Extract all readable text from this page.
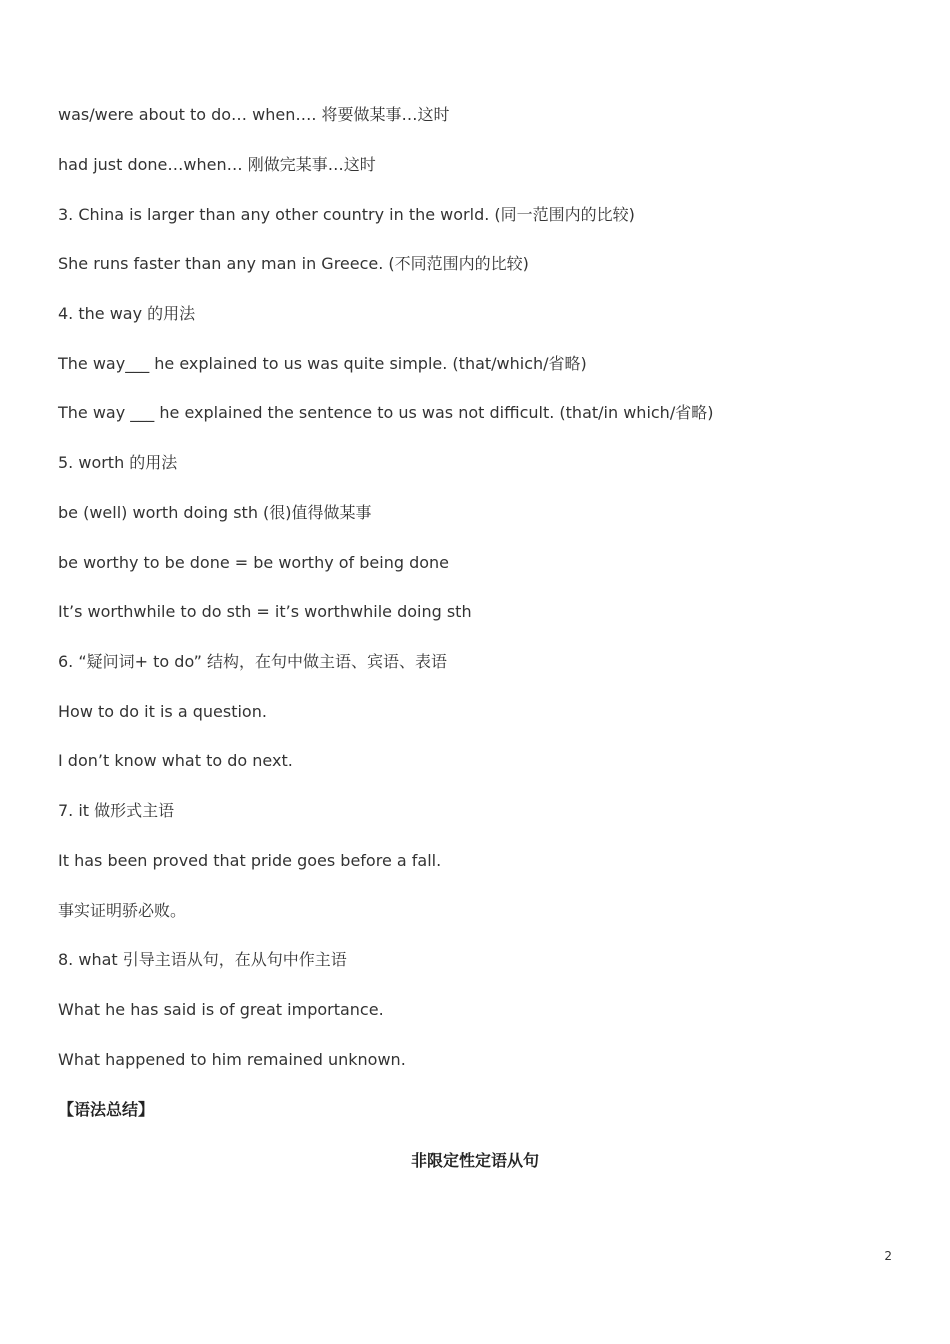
was/were about to do… when…. 将要做某事…这时
had just done…when… 刚做完某事…这时
3. China is larger than any other country in the world. (同一范围内的比较)
She runs faster than any man in Greece. (不同范围内的比较)
4. the way 的用法
The way___ he explained to us was quite simple. (that/which/省略)
The way ___ he explained the sentence to us was not difficult. (that/in which/省略)
5. worth 的用法
be (well) worth doing sth (很)值得做某事
be worthy to be done = be worthy of being done
It’s worthwhile to do sth = it’s worthwhile doing sth
6. “疑问词+ to do” 结构，在句中做主语、宾语、表语
How to do it is a question.
I don’t know what to do next.
7. it 做形式主语
It has been proved that pride goes before a fall.
事实证明骄必败。
8. what 引导主语从句，在从句中作主语
What he has said is of great importance.
What happened to him remained unknown.
【语法总结】
非限定性定语从句
2
